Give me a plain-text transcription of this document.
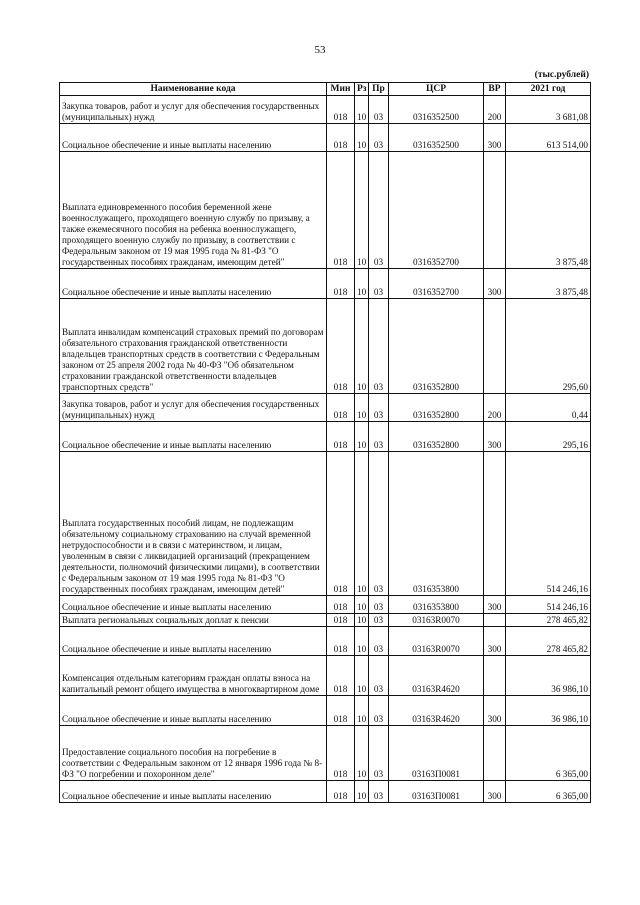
53
(тыс.рублей)
Наименование кода	Мин	Рз	Пр	ЦСР	ВР	2021 год
Закупка товаров, работ и услуг для обеспечения государственных (муниципальных) нужд	018	10	03	0316352500	200	3 681,08
Социальное обеспечение и иные выплаты населению	018	10	03	0316352500	300	613 514,00
Выплата единовременного пособия беременной жене военнослужащего, проходящего военную службу по призыву, а также ежемесячного пособия на ребенка военнослужащего, проходящего военную службу по призыву, в соответствии с Федеральным законом от 19 мая 1995 года № 81-ФЗ "О государственных пособиях гражданам, имеющим детей"	018	10	03	0316352700		3 875,48
Социальное обеспечение и иные выплаты населению	018	10	03	0316352700	300	3 875,48
Выплата инвалидам компенсаций страховых премий по договорам обязательного страхования гражданской ответственности владельцев транспортных средств в соответствии с Федеральным законом от 25 апреля 2002 года № 40-ФЗ "Об обязательном страховании гражданской ответственности владельцев транспортных средств"	018	10	03	0316352800		295,60
Закупка товаров, работ и услуг для обеспечения государственных (муниципальных) нужд	018	10	03	0316352800	200	0,44
Социальное обеспечение и иные выплаты населению	018	10	03	0316352800	300	295,16
Выплата государственных пособий лицам, не подлежащим обязательному социальному страхованию на случай временной нетрудоспособности и в связи с материнством, и лицам, уволенным в связи с ликвидацией организаций (прекращением деятельности, полномочий физическими лицами), в соответствии с Федеральным законом от 19 мая 1995 года № 81-ФЗ "О государственных пособиях гражданам, имеющим детей"	018	10	03	0316353800		514 246,16
Социальное обеспечение и иные выплаты населению	018	10	03	0316353800	300	514 246,16
Выплата региональных социальных доплат к пенсии	018	10	03	03163R0070		278 465,82
Социальное обеспечение и иные выплаты населению	018	10	03	03163R0070	300	278 465,82
Компенсация отдельным категориям граждан оплаты взноса на капитальный ремонт общего имущества в многоквартирном доме	018	10	03	03163R4620		36 986,10
Социальное обеспечение и иные выплаты населению	018	10	03	03163R4620	300	36 986,10
Предоставление социального пособия на погребение в соответствии с Федеральным законом от 12 января 1996 года № 8-ФЗ "О погребении и похоронном деле"	018	10	03	03163П0081		6 365,00
Социальное обеспечение и иные выплаты населению	018	10	03	03163П0081	300	6 365,00
